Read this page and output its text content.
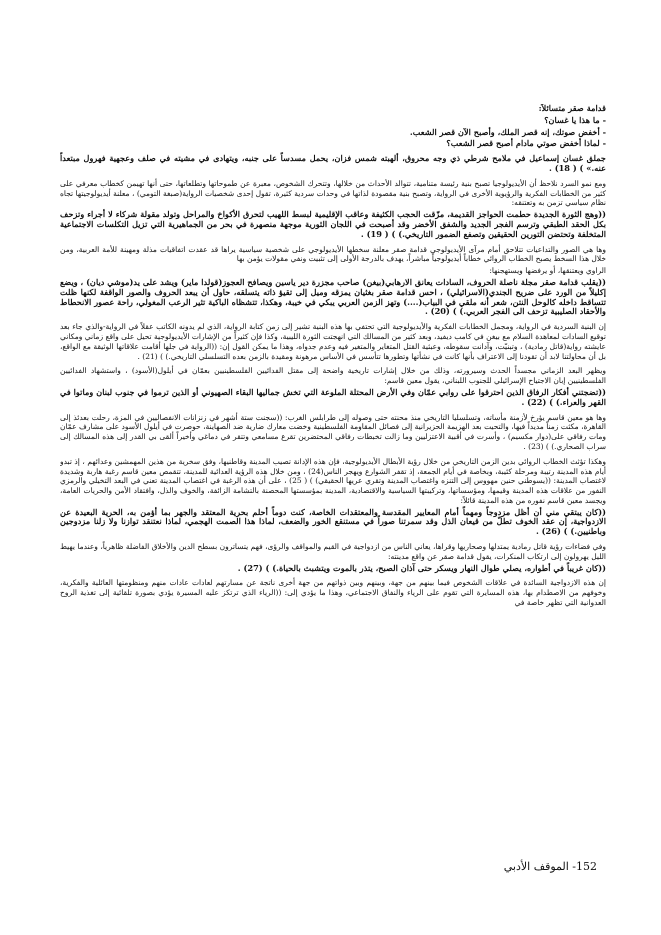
قدامة صقر متسائلاً:

- ما هذا يا غسان؟

- أخفض صوتك، إنه قصر الملك، وأصبح الآن قصر الشعب.

- لماذا أخفض صوتي مادام أصبح قصر الشعب؟

جملق غسان إسماعيل في ملامح شرطي ذي وجه محروق، ألهبته شمس فزان، يحمل مسدساً على جنبه، ويتهادى في مشيته في صلف وعجهية فهرول مبتعداً عنه.» ) ( 18) .

ومع نمو السرد نلاحظ أن الأيديولوجيا تصبح بنية رئيسة متنامية، تتوالد الأحداث من خلالها، وتتحرك الشخوص، معبرة عن طموحاتها وتطلعاتها، حتى أنها تهيمن كخطاب معرفي على كثير من الخطابات الفكرية والرؤيوية الأخرى في الرواية، وتصبح بنية مقصودة لذاتها في وحدات سردية كثيرة، تقول إحدى شخصيات الرواية(صبغة التومي) ، معلنة أيديولوجيتها تجاه نظام سياسي تزمن به وتعتنقه:

((وهج الثورة الجديدة حطمت الحواجز القديمة، مزّقت الحجب الكثيفة وعاقب الإقليمية لبسط اللهيب لتحرق الأكواخ والمراحل وتولد مقولة شركاء لا أجراء وتزحف بكل الحقد الطبقي وترسم الفجر الجديد والشفق الأخضر وقد أصبحت في اللجان الثورية موجهة منصهرة في بحر من الجماهيرية التي تزيل التكلسات الاجتماعية المتخلفة وتحتضن التورين الحقيقين وتصفع الضمور التاريخي.) ) ( 19) .

وها هي الصور والتداعيات تتلاحق أمام مرآى الأيديولوجي قدامة صقر معلنة سخطها الأيديولوجي على شخصية سياسية يراها قد عقدت اتفاقيات مذلة ومهينة للأمة العربية، ومن خلال هذا السخط يصبح الخطاب الروائي خطاباً أيديولوجياً مباشراً، يهدف بالدرجة الأولى إلى تثبيت ونفي مقولات يؤمن بها

الراوي ويعتنقها، أو يرفضها ويستهجنها:

((يقلب قدامة صقر مجلة ناصلة الحروف، السادات يعانق الارهابي(بيغن) صاحب مجزرة دير ياسين ويصافح العجوز(قولدا ماير) ويشد على يد(موشي ديان) ، ويضع إكليلاً من الورد على ضريح الجندي(الاسرائيلي) ، احس قدامة صقر بغثيان يمزقه وميل إلى تقيؤ ذاته يتسلقه، حاول أن يبعد الحروف والصور الواقفة لكنها ظلت تتساقط داخله كالوحل النتن، شعر أنه ملقي في البياب(....) وتهز الزمن العربي يبكي في خيبة، وهكذا، تتشظاه الباكية تثير الرعب المغولي، راحة عصور الانحطاط والأحقاد الصليبية تزحف الى الفجر العربي.) ) (20) .

إن البنية السردية في الرواية، ومجمل الخطابات الفكرية والأيديولوجية التي تحتفي بها هذه البنية تشير إلى زمن كتابة الرواية، الذي لم يدونه الكاتب عقلاً في الرواية-والذي جاء بعد توقيع السادات لمعاهدة السلام مع بيغن في كامب ديفيد، وبعد كثير من المسالك التي انهجتت الثورة الليبية، وكذا فإن كثيراً من الإشارات الأيديولوجية تحيل على واقع زماني ومكاني عايشته رواية(قاتل رمادية) ، وتبنيّت، وآدانت سقوطه، وعبثية القتل المتغاير والمتغير فيه وعدم جدواه، وهذا ما يمكن القول إن: ((الرواية في جلها أقامت علاقاتها الوثيقة مع الواقع، بل أن محاولتنا لابد أن تقودنا إلى الاعتراف بأنها كانت في نشأتها وتطورها تتأسس في الأساس مرهونة ومقيدة بالزمن بعده التسلسلي التاريخي.) ) (21) .

ويظهر البعد الزماني مجسداً الحدث وسيرورته، وذلك من خلال إشارات تاريخية واضحة إلى مقتل الفدائيين الفلسطينيين بعمّان في أيلول(الأسود) ، واستشهاد الفدائيين الفلسطينيين إبان الاجتياح الإسرائيلي للجنوب اللبناني، يقول معين قاسم:

((تضجتني أفكار الرفاق الذين احترقوا على روابي عمّان وفي الأرض المحتلة الملوعة التي تخش جماليها البقاء الصهيوني أو الذين ترموا في جنوب لبنان وماتوا في القهر والعراء.) ) (22) .

وها هو معين قاسم يؤرخ لأزمنة مأساته، وتسلسليا التاريخي منذ محنته حتى وصوله إلى طرابلس الغرب: ((سجنت ستة أشهر في زنزانات الانفصاليين في المزة، رحلت بعدئذ إلى القاهرة، مكثت زمناً مديداً فيها، والتحيت بعد الهزيمة الحزيرانية إلى فصائل المقاومة الفلسطينية وخضت معارك ضارية ضد الصهاينة، حوصرت في أيلول الأسود على مشارف عمّان ومات رفاقي على(دوار مكسيم) ، وأسرت في أقبية الاعتزليين وما زالت تخبطات رفاقي المحتضرين تقرع مسامعي وتتقر في دماغي وأخيراً ألقى بي القدر إلى هذه المسالك إلى سراب الصحاري.) ) (23) .

وهكذا تؤثث الخطاب الروائي بدين الزمن التاريخي من خلال رؤية الأبطال الأيديولوجية، فإن هذه الإدانة تصيب المدينة وقاطنيها، وفق سخرية من هذين المهمشين وعدائهم ، إذ تبدو أيام هذه المدينة رتيبة ومرحلة كئيبة، وبخاصة في أيام الجمعة، إذ تقفر الشوارع ويهجر الناس(24) ، ومن خلال هذه الرؤية العدائية للمدينة، تتقمص معين قاسم رغبة هاربة وشديدة لاغتصاب المدينة: ((يسوطني حنين مهووس إلى التنزه واغتصاب المدينة وتقري عريها الحقيقي) ) ( 25) ، على أن هذه الرغبة في اغتصاب المدينة تعني في البعد التخيلي والرمزي النفور من علاقات هذه المدينة وقيمها، ومؤسساتها، وتركيبتها السياسية والاقتصادية، المدينة بمؤسستها المحصنة بالتشامة الزائفة، والخوف والذل، وافتقاد الأمن والحريات العامة، ويجسد معين قاسم نفوره من هذه المدينة قائلاً:

((كان يبتقي مني أن أظل مزدوجاً ومهماً أمام المعايير المقدسة والمعتقدات الخاصة، كنت دوماً أحلم بحرية المعتقد والجهر بما أؤمن به، الحرية البعيدة عن الازدواجية، إن عقد الخوف تطلّ من قيعان الذل وقد سمرتنا صوراً في مستنقع الخور والضعف، لماذا هذا الصمت الهجمي، لماذا نعتنقد توازنا ولا زلنا مزدوجين وباطنيين.) ) (26) .

وفي فضاءات رؤية قاتل رمادية يمتدلها وصحاريها وقراها، يعاني الناس من ازدواجية في القيم والمواقف والرؤى، فهم يتساترون بسطح الدين والأخلاق الفاضلة ظاهرياً، وعندما يهيط الليل يهرولون إلى ارتكاب المنكرات، يقول قدامة صقر عن واقع مدينته:

((كان غريباً في أطواره، يصلي طوال النهار ويسكر حتى آذان الصبح، يتذر بالموت ويتشبث بالحياة.) ) (27) .

إن هذه الازدواجية السائدة في علاقات الشخوص فيما بينهم من جهة، وبينهم وبين ذواتهم من جهة أخرى ناتجة عن مسارتهم لعادات عادات منهم ومنظومتها العائلية والفكرية، وخوفهم من الاصطدام بها، هذه المسايرة التي تقوم على الرياء والنفاق الاجتماعي، وهذا ما يؤدي إلى: ((الرياء الذي ترتكز عليه المسيرة يؤدي بصورة تلقائية إلى تغذية الروح العدوانية التي تظهر خاصة في

152- الموقف الأدبي
